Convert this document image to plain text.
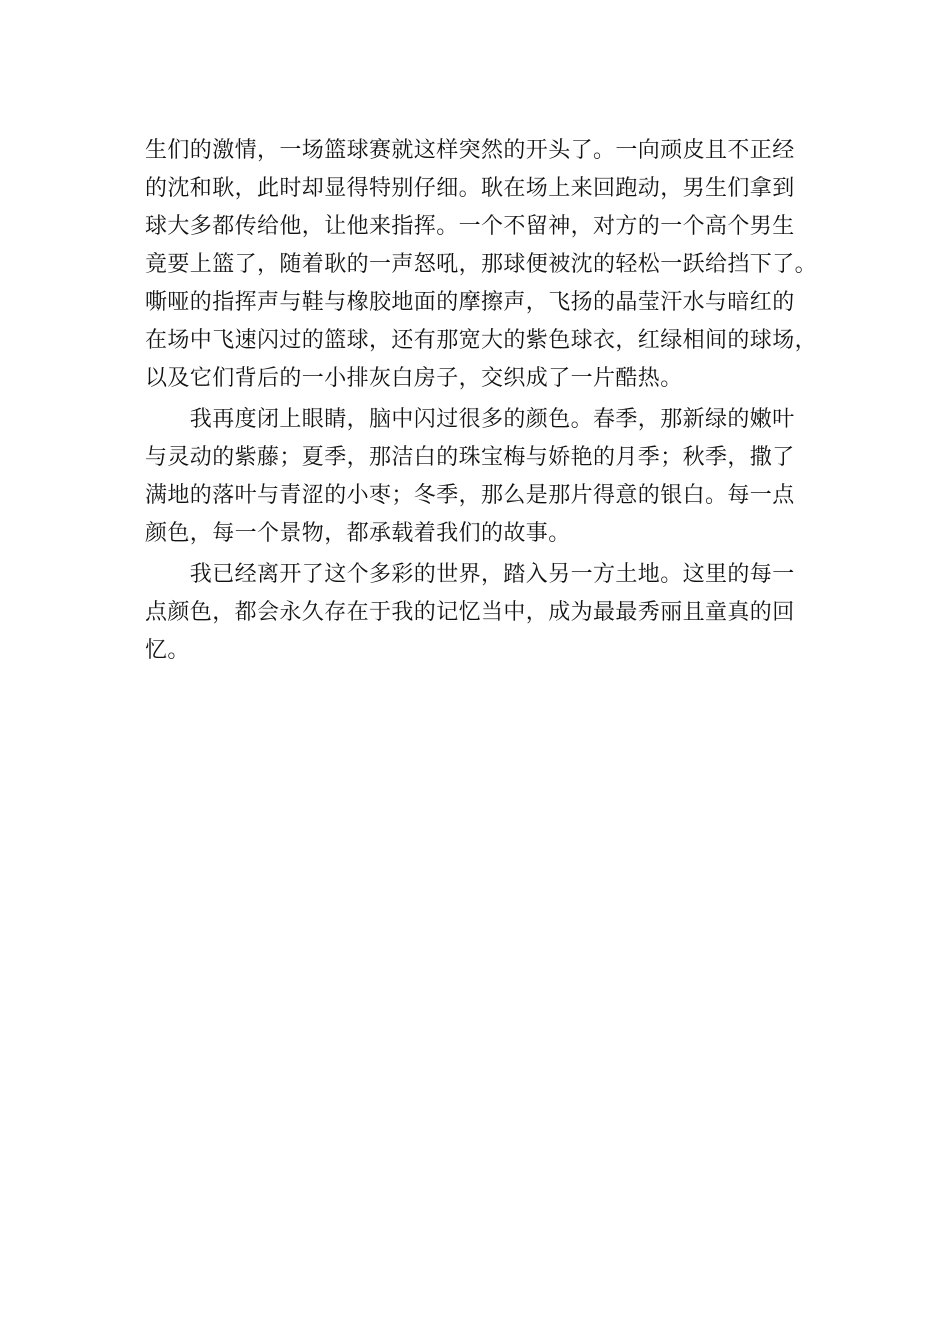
生们的激情，一场篮球赛就这样突然的开头了。一向顽皮且不正经
的沈和耿，此时却显得特别仔细。耿在场上来回跑动，男生们拿到
球大多都传给他，让他来指挥。一个不留神，对方的一个高个男生
竟要上篮了，随着耿的一声怒吼，那球便被沈的轻松一跃给挡下了。
嘶哑的指挥声与鞋与橡胶地面的摩擦声，飞扬的晶莹汗水与暗红的
在场中飞速闪过的篮球，还有那宽大的紫色球衣，红绿相间的球场，
以及它们背后的一小排灰白房子，交织成了一片酷热。
　　我再度闭上眼睛，脑中闪过很多的颜色。春季，那新绿的嫩叶
与灵动的紫藤；夏季，那洁白的珠宝梅与娇艳的月季；秋季，撒了
满地的落叶与青涩的小枣；冬季，那么是那片得意的银白。每一点
颜色，每一个景物，都承载着我们的故事。
　　我已经离开了这个多彩的世界，踏入另一方土地。这里的每一
点颜色，都会永久存在于我的记忆当中，成为最最秀丽且童真的回
忆。
